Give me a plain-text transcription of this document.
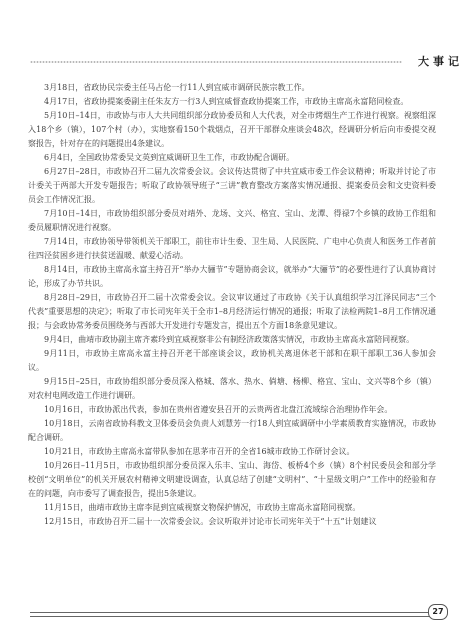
大事记

3月18日，省政协民宗委主任马占伦一行11人到宜威市调研民族宗教工作。

4月17日，省政协提案委副主任朱友方一行3人到宜威督查政协提案工作，市政协主席高永富陪同检查。

5月10日–14日，市政协与市人大共同组织部分政协委员和人大代表，对全市烤烟生产工作进行视察。视察组深入18个乡（镇），107个村（办），实地察看150个栽烟点，召开干部群众座谈会48次，经调研分析后向市委提交视察报告，针对存在的问题提出4条建议。

6月4日，全国政协常委吴文英到宜威调研卫生工作，市政协配合调研。

6月27日–28日，市政协召开二届九次常委会议。会议传达贯彻了中共宜威市委工作会议精神；听取并讨论了市计委关于两部大开发专题报告；听取了政协领导班子“三讲”教育整改方案落实情况通报、提案委员会和文史资料委员会工作情况汇报。

7月10日–14日，市政协组织部分委员对靖外、龙场、文兴、格宜、宝山、龙潭、得禄7个乡镇的政协工作组和委员履职情况进行视察。

7月14日，市政协领导带领机关干部职工，前往市计生委、卫生局、人民医院、广电中心负责人和医务工作者前往四泾贫困乡进行扶贫送温暖、献爱心活动。

8月14日，市政协主席高永富主持召开“举办大骊节”专题协商会议，就举办“大骊节”的必要性进行了认真协商讨论，形成了办节共识。

8月28日–29日，市政协召开二届十次常委会议。会议审议通过了市政协《关于认真组织学习江泽民同志“三个代表”重要思想的决定》；听取了市长司宪年关于全市1–8月经济运行情况的通报；听取了法检两院1–8月工作情况通报；与会政协常务委员围绕务与西部大开发进行专题发言，提出五个方面18条意见建议。

9月4日，曲靖市政协副主席齐素玲到宜威视察非公有制经济政策落实情况，市政协主席高永富陪同视察。

9月11日，市政协主席高永富主持召开老干部座谈会议，政协机关离退休老干部和在职干部职工36人参加会议。

9月15日–25日，市政协组织部分委员深入格城、落水、热水、倘塘、杨柳、格宜、宝山、文兴等8个乡（镇）对农村电网改造工作进行调研。

10月16日，市政协派出代表，参加在贵州省遵安县召开的云贵两省北盘江流域综合治理协作年会。

10月18日，云南省政协科教文卫体委员会负责人刘慧芳一行18人到宜威调研中小学素质教育实施情况，市政协配合调研。

10月21日，市政协主席高永富带队参加在思茅市召开的全省16城市政协工作研讨会议。

10月26日–11月5日，市政协组织部分委员深入乐丰、宝山、海岱、板桥4个乡（镇）8个村民委员会和部分学校创“文明单位”的机关开展农村精神文明建设调查，认真总结了创建“文明村”、“十星级文明户”工作中的经验和存在的问题，向市委写了调查报告，提出5条建议。

11月15日，曲靖市政协主席李昆到宜威视察文物保护情况，市政协主席高永富陪同视察。

12月15日，市政协召开二届十一次常委会议。会议听取并讨论市长司宪年关于“十五”计划建议

27
